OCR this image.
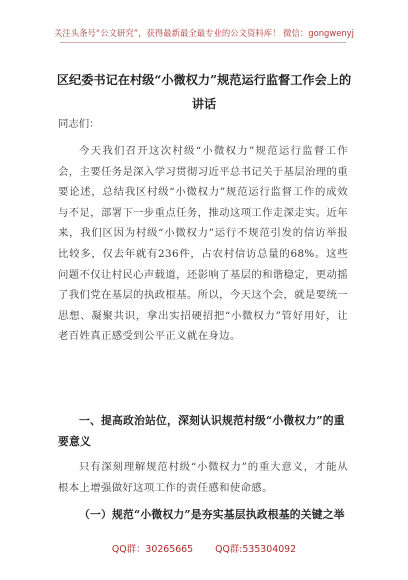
关注头条号“公文研究”，获得最新最全最专业的公文资料库！ 微信：gongwenyj
区纪委书记在村级“小微权力”规范运行监督工作会上的讲话
同志们：
今天我们召开这次村级“小微权力”规范运行监督工作会，主要任务是深入学习贯彻习近平总书记关于基层治理的重要论述，总结我区村级“小微权力”规范运行监督工作的成效与不足，部署下一步重点任务，推动这项工作走深走实。近年来，我们区因为村级“小微权力”运行不规范引发的信访举报比较多，仅去年就有236件，占农村信访总量的68%。这些问题不仅让村民心声载道，还影响了基层的和谐稳定，更动摇了我们党在基层的执政根基。所以，今天这个会，就是要统一思想、凝聚共识，拿出实招硬招把“小微权力”管好用好，让老百姓真正感受到公平正义就在身边。
一、提高政治站位，深刻认识规范村级“小微权力”的重要意义
只有深刻理解规范村级“小微权力”的重大意义，才能从根本上增强做好这项工作的责任感和使命感。
（一）规范“小微权力”是夯实基层执政根基的关键之举
QQ群：30265665 QQ群:535304092
